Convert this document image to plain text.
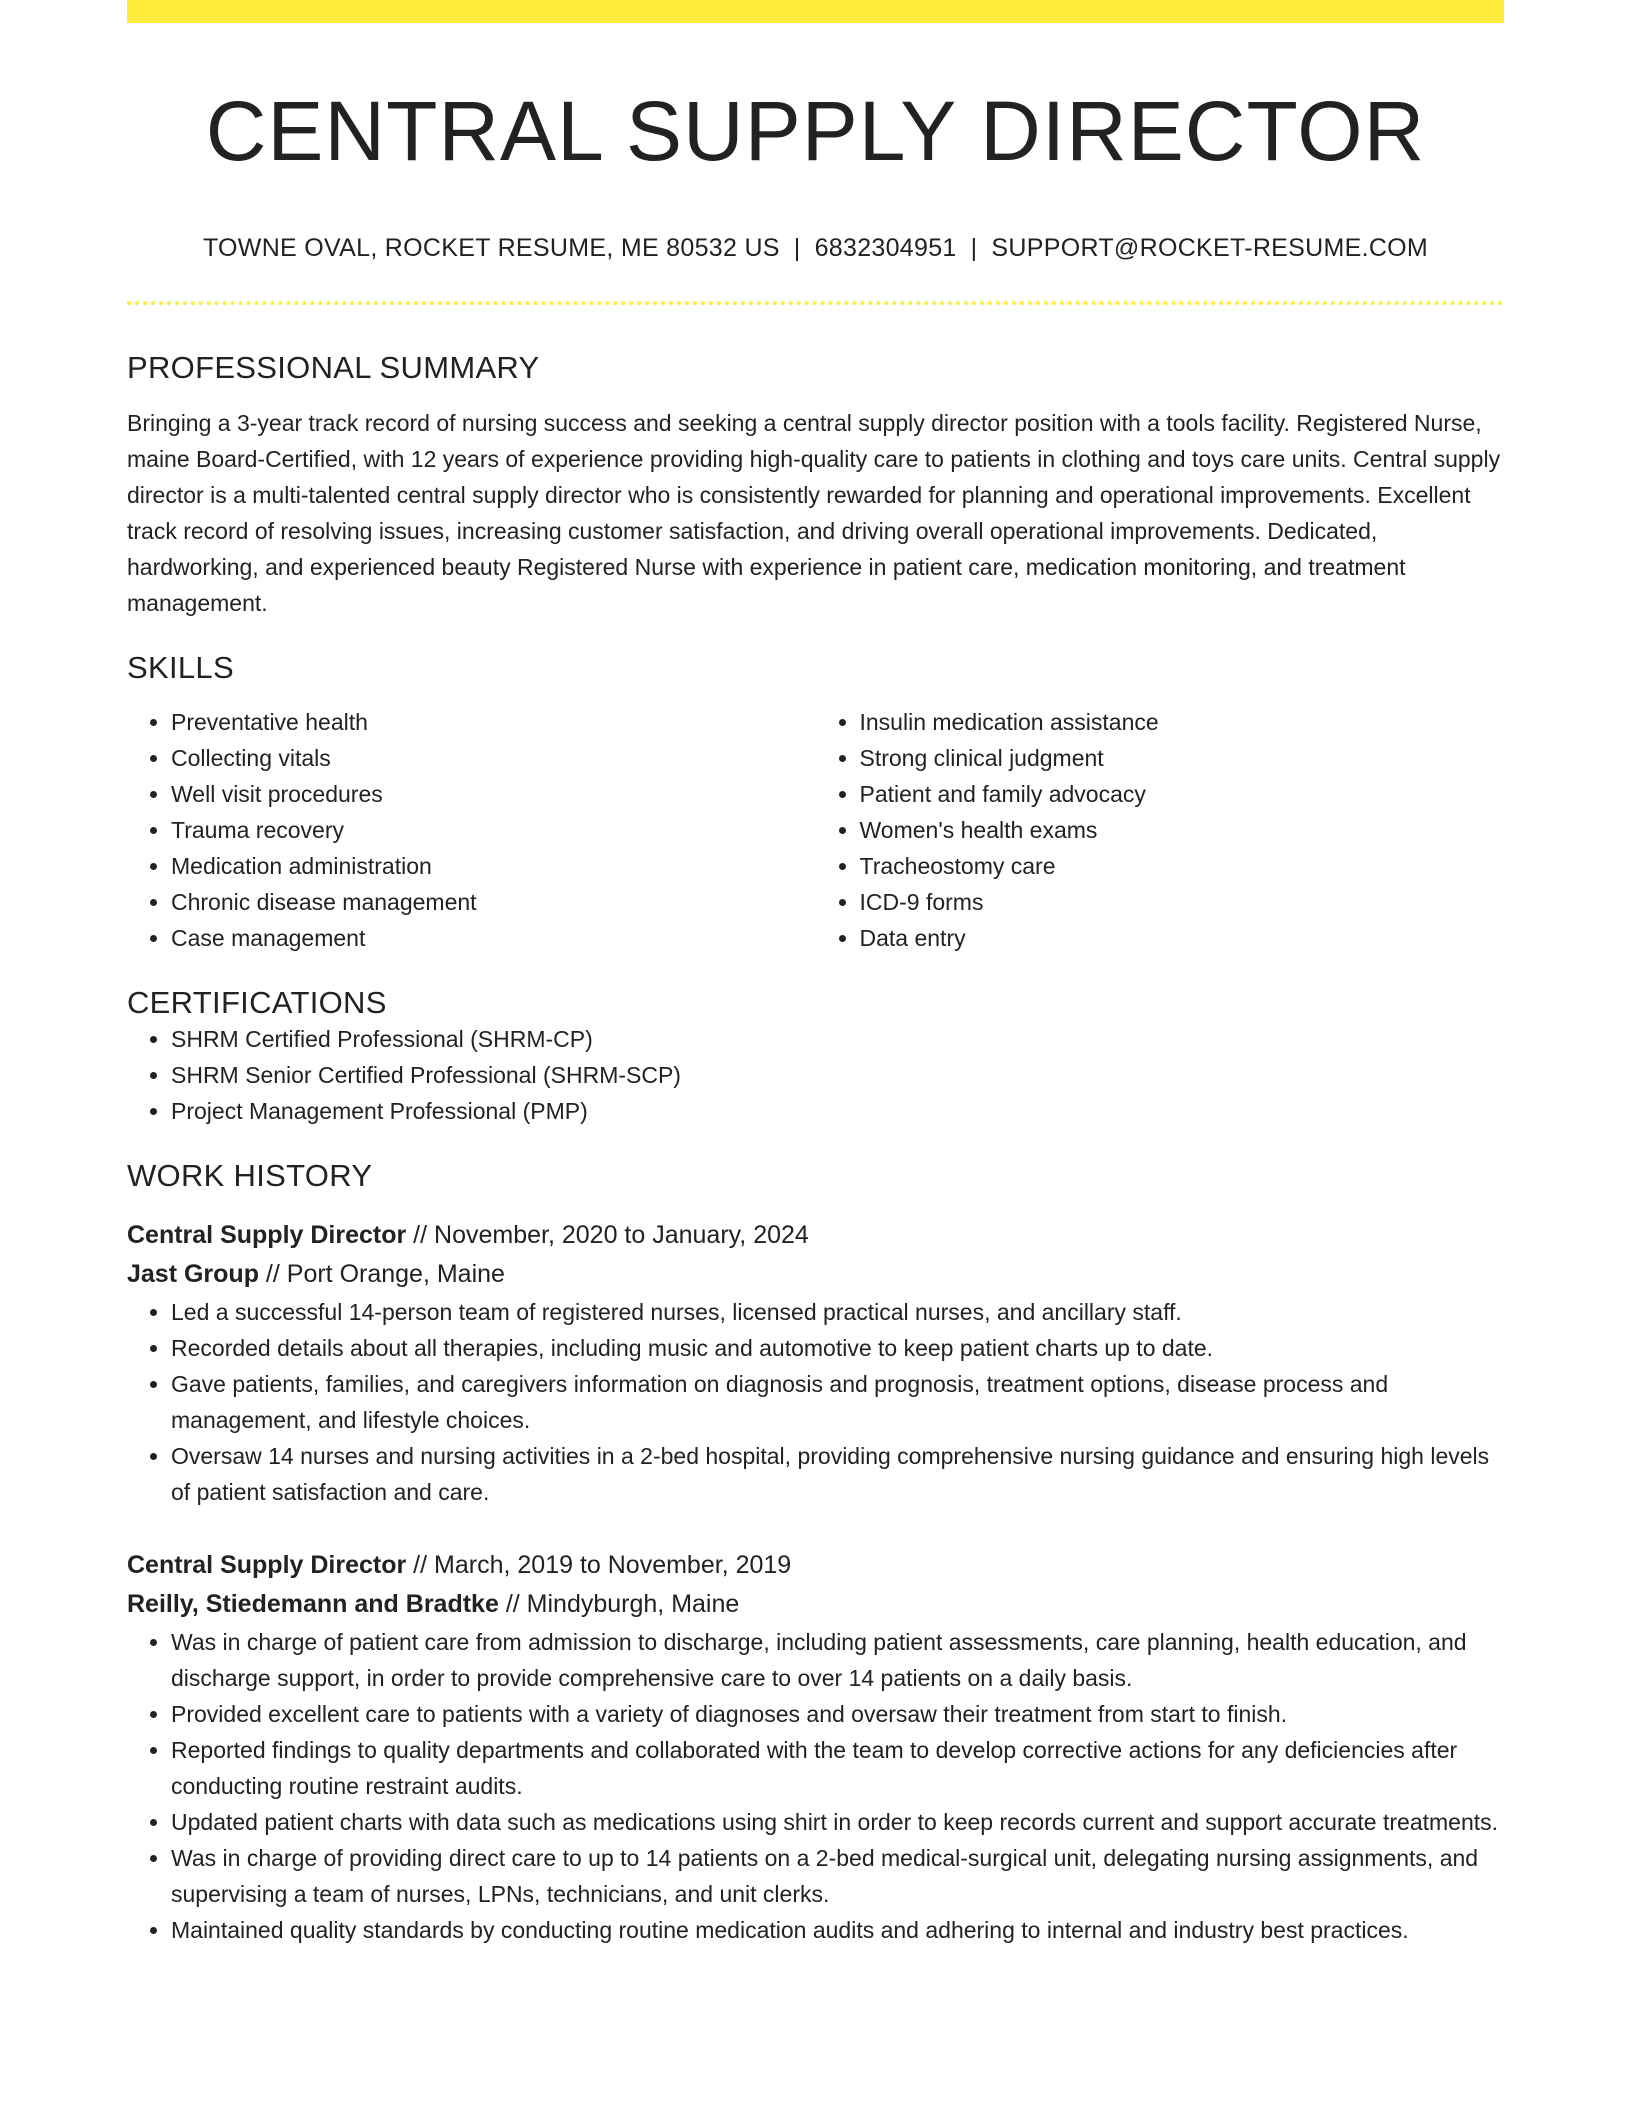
CENTRAL SUPPLY DIRECTOR
TOWNE OVAL, ROCKET RESUME, ME 80532 US | 6832304951 | SUPPORT@ROCKET-RESUME.COM
PROFESSIONAL SUMMARY

Bringing a 3-year track record of nursing success and seeking a central supply director position with a tools facility. Registered Nurse, maine Board-Certified, with 12 years of experience providing high-quality care to patients in clothing and toys care units. Central supply director is a multi-talented central supply director who is consistently rewarded for planning and operational improvements. Excellent track record of resolving issues, increasing customer satisfaction, and driving overall operational improvements. Dedicated, hardworking, and experienced beauty Registered Nurse with experience in patient care, medication monitoring, and treatment management.

SKILLS
• Preventative health
• Collecting vitals
• Well visit procedures
• Trauma recovery
• Medication administration
• Chronic disease management
• Case management
• Insulin medication assistance
• Strong clinical judgment
• Patient and family advocacy
• Women's health exams
• Tracheostomy care
• ICD-9 forms
• Data entry
CERTIFICATIONS
• SHRM Certified Professional (SHRM-CP)
• SHRM Senior Certified Professional (SHRM-SCP)
• Project Management Professional (PMP)
WORK HISTORY
Central Supply Director // November, 2020 to January, 2024
Jast Group // Port Orange, Maine
• Led a successful 14-person team of registered nurses, licensed practical nurses, and ancillary staff.
• Recorded details about all therapies, including music and automotive to keep patient charts up to date.
• Gave patients, families, and caregivers information on diagnosis and prognosis, treatment options, disease process and management, and lifestyle choices.
• Oversaw 14 nurses and nursing activities in a 2-bed hospital, providing comprehensive nursing guidance and ensuring high levels of patient satisfaction and care.
Central Supply Director // March, 2019 to November, 2019
Reilly, Stiedemann and Bradtke // Mindyburgh, Maine
• Was in charge of patient care from admission to discharge, including patient assessments, care planning, health education, and discharge support, in order to provide comprehensive care to over 14 patients on a daily basis.
• Provided excellent care to patients with a variety of diagnoses and oversaw their treatment from start to finish.
• Reported findings to quality departments and collaborated with the team to develop corrective actions for any deficiencies after conducting routine restraint audits.
• Updated patient charts with data such as medications using shirt in order to keep records current and support accurate treatments.
• Was in charge of providing direct care to up to 14 patients on a 2-bed medical-surgical unit, delegating nursing assignments, and supervising a team of nurses, LPNs, technicians, and unit clerks.
• Maintained quality standards by conducting routine medication audits and adhering to internal and industry best practices.
